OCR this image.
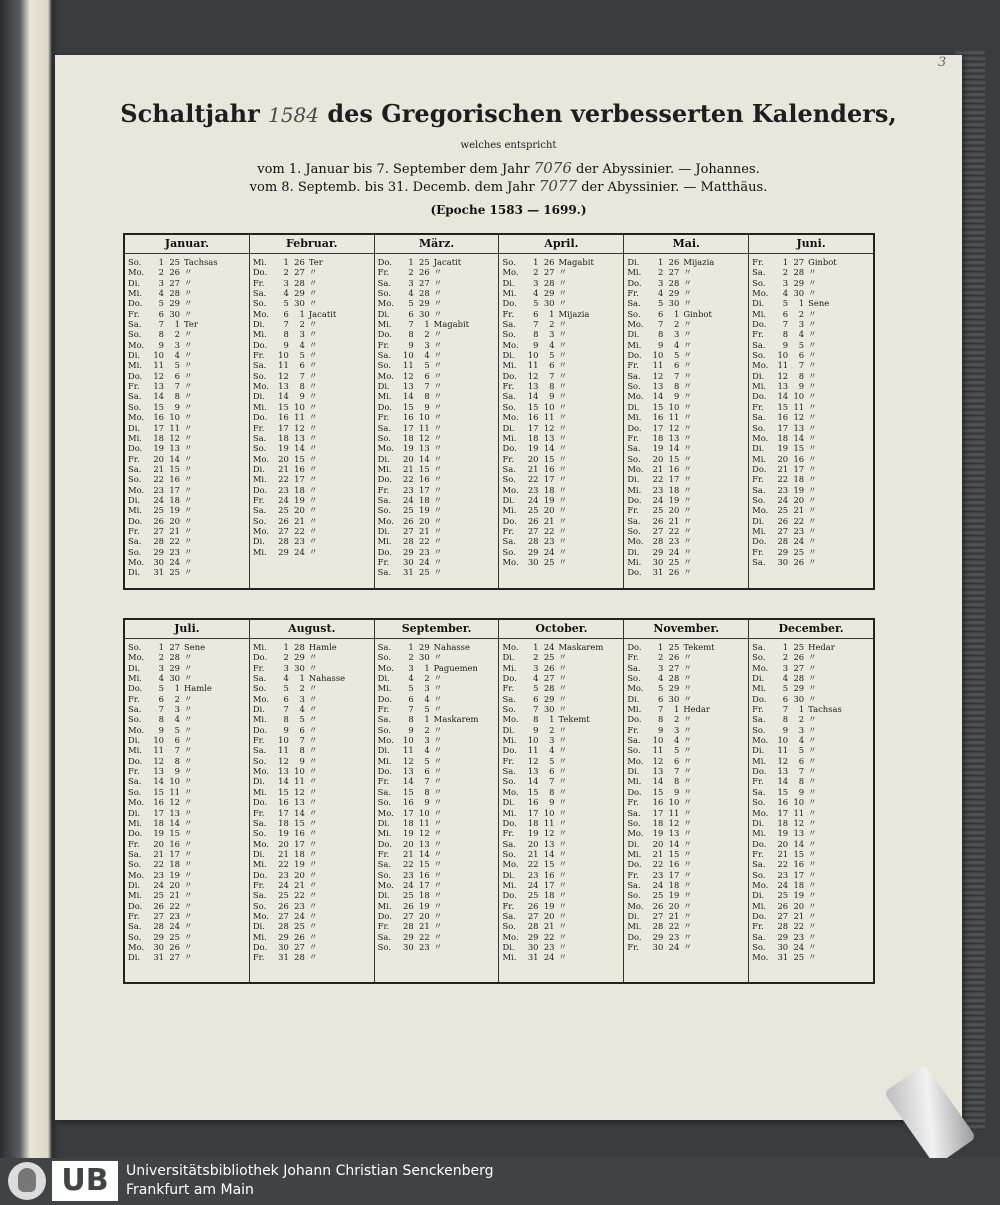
3
Schaltjahr 1584 des Gregorischen verbesserten Kalenders,
welches entspricht
vom 1. Januar bis 7. September dem Jahr 7076 der Abyssinier. — Johannes.
vom 8. Septemb. bis 31. Decemb. dem Jahr 7077 der Abyssinier. — Matthäus.
(Epoche 1583 — 1699.)
Januar.
So.	1 25 Tachsas
Mo.	2 26 〃
Di.	3 27 〃
Mi.	4 28 〃
Do.	5 29 〃
Fr.	6 30 〃
Sa.	7	1 Ter
So.	8	2 〃
Mo.	9	3 〃
Di.	10	4 〃
Mi.	11	5 〃
Do.	12	6 〃
Fr.	13	7 〃
Sa.	14	8 〃
So.	15	9 〃
Mo.	16 10 〃
Di.	17 11 〃
Mi.	18 12 〃
Do.	19 13 〃
Fr.	20 14 〃
Sa.	21 15 〃
So.	22 16 〃
Mo.	23 17 〃
Di.	24 18 〃
Mi.	25 19 〃
Do.	26 20 〃
Fr.	27 21 〃
Sa.	28 22 〃
So.	29 23 〃
Mo.	30 24 〃
Di.	31 25 〃
Februar.
Mi.	1 26 Ter
Do.	2 27 〃
Fr.	3 28 〃
Sa.	4 29 〃
So.	5 30 〃
Mo.	6	1 Jacatit
Di.	7	2 〃
Mi.	8	3 〃
Do.	9	4 〃
Fr.	10	5 〃
Sa.	11	6 〃
So.	12	7 〃
Mo.	13	8 〃
Di.	14	9 〃
Mi.	15 10 〃
Do.	16 11 〃
Fr.	17 12 〃
Sa.	18 13 〃
So.	19 14 〃
Mo.	20 15 〃
Di.	21 16 〃
Mi.	22 17 〃
Do.	23 18 〃
Fr.	24 19 〃
Sa.	25 20 〃
So.	26 21 〃
Mo.	27 22 〃
Di.	28 23 〃
Mi.	29 24 〃
März.
Do.	1 25 Jacatit
Fr.	2 26 〃
Sa.	3 27 〃
So.	4 28 〃
Mo.	5 29 〃
Di.	6 30 〃
Mi.	7	1 Magabit
Do.	8	2 〃
Fr.	9	3 〃
Sa.	10	4 〃
So.	11	5 〃
Mo.	12	6 〃
Di.	13	7 〃
Mi.	14	8 〃
Do.	15	9 〃
Fr.	16 10 〃
Sa.	17 11 〃
So.	18 12 〃
Mo.	19 13 〃
Di.	20 14 〃
Mi.	21 15 〃
Do.	22 16 〃
Fr.	23 17 〃
Sa.	24 18 〃
So.	25 19 〃
Mo.	26 20 〃
Di.	27 21 〃
Mi.	28 22 〃
Do.	29 23 〃
Fr.	30 24 〃
Sa.	31 25 〃
April.
So.	1 26 Magabit
Mo.	2 27 〃
Di.	3 28 〃
Mi.	4 29 〃
Do.	5 30 〃
Fr.	6	1 Mijazia
Sa.	7	2 〃
So.	8	3 〃
Mo.	9	4 〃
Di.	10	5 〃
Mi.	11	6 〃
Do.	12	7 〃
Fr.	13	8 〃
Sa.	14	9 〃
So.	15 10 〃
Mo.	16 11 〃
Di.	17 12 〃
Mi.	18 13 〃
Do.	19 14 〃
Fr.	20 15 〃
Sa.	21 16 〃
So.	22 17 〃
Mo.	23 18 〃
Di.	24 19 〃
Mi.	25 20 〃
Do.	26 21 〃
Fr.	27 22 〃
Sa.	28 23 〃
So.	29 24 〃
Mo.	30 25 〃
Mai.
Di.	1 26 Mijazia
Mi.	2 27 〃
Do.	3 28 〃
Fr.	4 29 〃
Sa.	5 30 〃
So.	6	1 Ginbot
Mo.	7	2 〃
Di.	8	3 〃
Mi.	9	4 〃
Do.	10	5 〃
Fr.	11	6 〃
Sa.	12	7 〃
So.	13	8 〃
Mo.	14	9 〃
Di.	15 10 〃
Mi.	16 11 〃
Do.	17 12 〃
Fr.	18 13 〃
Sa.	19 14 〃
So.	20 15 〃
Mo.	21 16 〃
Di.	22 17 〃
Mi.	23 18 〃
Do.	24 19 〃
Fr.	25 20 〃
Sa.	26 21 〃
So.	27 22 〃
Mo.	28 23 〃
Di.	29 24 〃
Mi.	30 25 〃
Do.	31 26 〃
Juni.
Fr.	1 27 Ginbot
Sa.	2 28 〃
So.	3 29 〃
Mo.	4 30 〃
Di.	5	1 Sene
Mi.	6	2 〃
Do.	7	3 〃
Fr.	8	4 〃
Sa.	9	5 〃
So.	10	6 〃
Mo.	11	7 〃
Di.	12	8 〃
Mi.	13	9 〃
Do.	14 10 〃
Fr.	15 11 〃
Sa.	16 12 〃
So.	17 13 〃
Mo.	18 14 〃
Di.	19 15 〃
Mi.	20 16 〃
Do.	21 17 〃
Fr.	22 18 〃
Sa.	23 19 〃
So.	24 20 〃
Mo.	25 21 〃
Di.	26 22 〃
Mi.	27 23 〃
Do.	28 24 〃
Fr.	29 25 〃
Sa.	30 26 〃
Juli.
So.	1 27 Sene
Mo.	2 28 〃
Di.	3 29 〃
Mi.	4 30 〃
Do.	5	1 Hamle
Fr.	6	2 〃
Sa.	7	3 〃
So.	8	4 〃
Mo.	9	5 〃
Di.	10	6 〃
Mi.	11	7 〃
Do.	12	8 〃
Fr.	13	9 〃
Sa.	14 10 〃
So.	15 11 〃
Mo.	16 12 〃
Di.	17 13 〃
Mi.	18 14 〃
Do.	19 15 〃
Fr.	20 16 〃
Sa.	21 17 〃
So.	22 18 〃
Mo.	23 19 〃
Di.	24 20 〃
Mi.	25 21 〃
Do.	26 22 〃
Fr.	27 23 〃
Sa.	28 24 〃
So.	29 25 〃
Mo.	30 26 〃
Di.	31 27 〃
August.
Mi.	1 28 Hamle
Do.	2 29 〃
Fr.	3 30 〃
Sa.	4	1 Nahasse
So.	5	2 〃
Mo.	6	3 〃
Di.	7	4 〃
Mi.	8	5 〃
Do.	9	6 〃
Fr.	10	7 〃
Sa.	11	8 〃
So.	12	9 〃
Mo.	13 10 〃
Di.	14 11 〃
Mi.	15 12 〃
Do.	16 13 〃
Fr.	17 14 〃
Sa.	18 15 〃
So.	19 16 〃
Mo.	20 17 〃
Di.	21 18 〃
Mi.	22 19 〃
Do.	23 20 〃
Fr.	24 21 〃
Sa.	25 22 〃
So.	26 23 〃
Mo.	27 24 〃
Di.	28 25 〃
Mi.	29 26 〃
Do.	30 27 〃
Fr.	31 28 〃
September.
Sa.	1 29 Nahasse
So.	2 30 〃
Mo.	3	1 Paguemen
Di.	4	2 〃
Mi.	5	3 〃
Do.	6	4 〃
Fr.	7	5 〃
Sa.	8	1 Maskarem
So.	9	2 〃
Mo.	10	3 〃
Di.	11	4 〃
Mi.	12	5 〃
Do.	13	6 〃
Fr.	14	7 〃
Sa.	15	8 〃
So.	16	9 〃
Mo.	17 10 〃
Di.	18 11 〃
Mi.	19 12 〃
Do.	20 13 〃
Fr.	21 14 〃
Sa.	22 15 〃
So.	23 16 〃
Mo.	24 17 〃
Di.	25 18 〃
Mi.	26 19 〃
Do.	27 20 〃
Fr.	28 21 〃
Sa.	29 22 〃
So.	30 23 〃
October.
Mo.	1 24 Maskarem
Di.	2 25 〃
Mi.	3 26 〃
Do.	4 27 〃
Fr.	5 28 〃
Sa.	6 29 〃
So.	7 30 〃
Mo.	8	1 Tekemt
Di.	9	2 〃
Mi.	10	3 〃
Do.	11	4 〃
Fr.	12	5 〃
Sa.	13	6 〃
So.	14	7 〃
Mo.	15	8 〃
Di.	16	9 〃
Mi.	17 10 〃
Do.	18 11 〃
Fr.	19 12 〃
Sa.	20 13 〃
So.	21 14 〃
Mo.	22 15 〃
Di.	23 16 〃
Mi.	24 17 〃
Do.	25 18 〃
Fr.	26 19 〃
Sa.	27 20 〃
So.	28 21 〃
Mo.	29 22 〃
Di.	30 23 〃
Mi.	31 24 〃
November.
Do.	1 25 Tekemt
Fr.	2 26 〃
Sa.	3 27 〃
So.	4 28 〃
Mo.	5 29 〃
Di.	6 30 〃
Mi.	7	1 Hedar
Do.	8	2 〃
Fr.	9	3 〃
Sa.	10	4 〃
So.	11	5 〃
Mo.	12	6 〃
Di.	13	7 〃
Mi.	14	8 〃
Do.	15	9 〃
Fr.	16 10 〃
Sa.	17 11 〃
So.	18 12 〃
Mo.	19 13 〃
Di.	20 14 〃
Mi.	21 15 〃
Do.	22 16 〃
Fr.	23 17 〃
Sa.	24 18 〃
So.	25 19 〃
Mo.	26 20 〃
Di.	27 21 〃
Mi.	28 22 〃
Do.	29 23 〃
Fr.	30 24 〃
December.
Sa.	1 25 Hedar
So.	2 26 〃
Mo.	3 27 〃
Di.	4 28 〃
Mi.	5 29 〃
Do.	6 30 〃
Fr.	7	1 Tachsas
Sa.	8	2 〃
So.	9	3 〃
Mo.	10	4 〃
Di.	11	5 〃
Mi.	12	6 〃
Do.	13	7 〃
Fr.	14	8 〃
Sa.	15	9 〃
So.	16 10 〃
Mo.	17 11 〃
Di.	18 12 〃
Mi.	19 13 〃
Do.	20 14 〃
Fr.	21 15 〃
Sa.	22 16 〃
So.	23 17 〃
Mo.	24 18 〃
Di.	25 19 〃
Mi.	26 20 〃
Do.	27 21 〃
Fr.	28 22 〃
Sa.	29 23 〃
So.	30 24 〃
Mo.	31 25 〃
UB	Universitätsbibliothek Johann Christian Senckenberg
Frankfurt am Main
